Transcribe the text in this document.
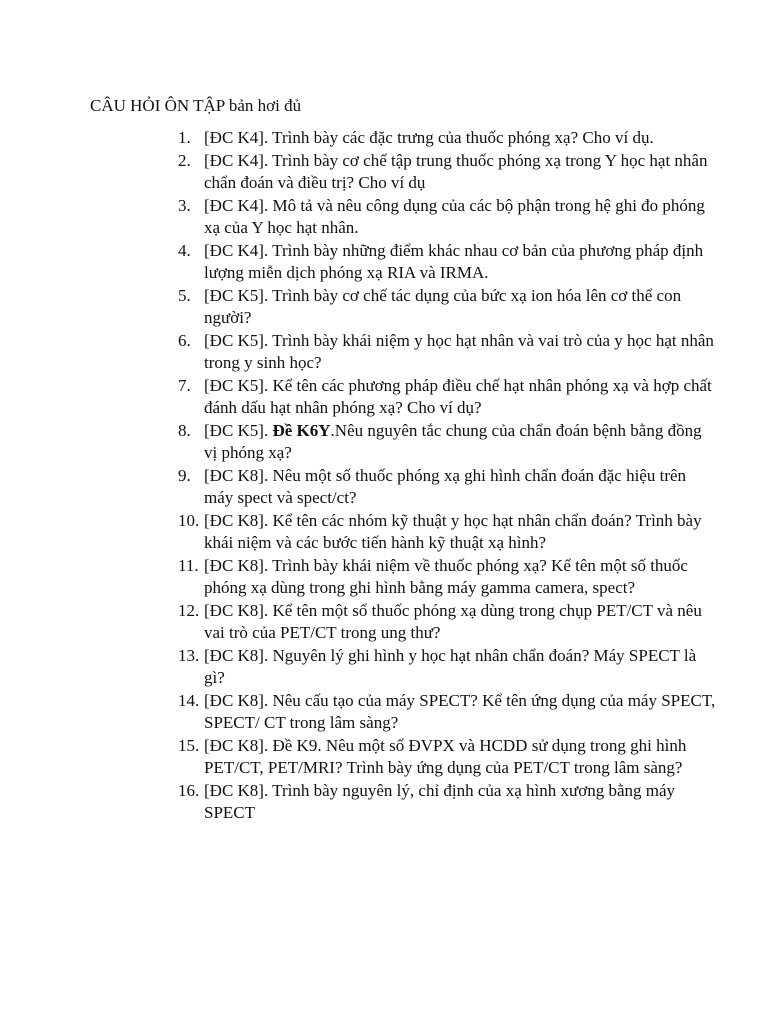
CÂU HỎI ÔN TẬP bản hơi đủ
1. [ĐC K4]. Trình bày các đặc trưng của thuốc phóng xạ? Cho ví dụ.
2. [ĐC K4]. Trình bày cơ chế tập trung thuốc phóng xạ trong Y học hạt nhân chẩn đoán và điều trị? Cho ví dụ
3. [ĐC K4]. Mô tả và nêu công dụng của các bộ phận trong hệ ghi đo phóng xạ của Y học hạt nhân.
4. [ĐC K4]. Trình bày những điểm khác nhau cơ bản của phương pháp định lượng miễn dịch phóng xạ RIA và IRMA.
5. [ĐC K5]. Trình bày cơ chế tác dụng của bức xạ ion hóa lên cơ thể con người?
6. [ĐC K5]. Trình bày khái niệm y học hạt nhân và vai trò của y học hạt nhân trong y sinh học?
7. [ĐC K5]. Kể tên các phương pháp điều chế hạt nhân phóng xạ và hợp chất đánh dấu hạt nhân phóng xạ? Cho ví dụ?
8. [ĐC K5]. Đề K6Y.Nêu nguyên tắc chung của chẩn đoán bệnh bằng đồng vị phóng xạ?
9. [ĐC K8]. Nêu một số thuốc phóng xạ ghi hình chẩn đoán đặc hiệu trên máy spect và spect/ct?
10. [ĐC K8]. Kể tên các nhóm kỹ thuật y học hạt nhân chẩn đoán? Trình bày khái niệm và các bước tiến hành kỹ thuật xạ hình?
11. [ĐC K8]. Trình bày khái niệm về thuốc phóng xạ? Kể tên một số thuốc phóng xạ dùng trong ghi hình bằng máy gamma camera, spect?
12. [ĐC K8]. Kể tên một số thuốc phóng xạ dùng trong chụp PET/CT và nêu vai trò của PET/CT trong ung thư?
13. [ĐC K8]. Nguyên lý ghi hình y học hạt nhân chẩn đoán? Máy SPECT là gì?
14. [ĐC K8]. Nêu cấu tạo của máy SPECT? Kể tên ứng dụng của máy SPECT, SPECT/ CT trong lâm sàng?
15. [ĐC K8]. Đề K9. Nêu một số ĐVPX và HCDD sử dụng trong ghi hình PET/CT, PET/MRI? Trình bày ứng dụng của PET/CT trong lâm sàng?
16. [ĐC K8]. Trình bày nguyên lý, chỉ định của xạ hình xương bằng máy SPECT
